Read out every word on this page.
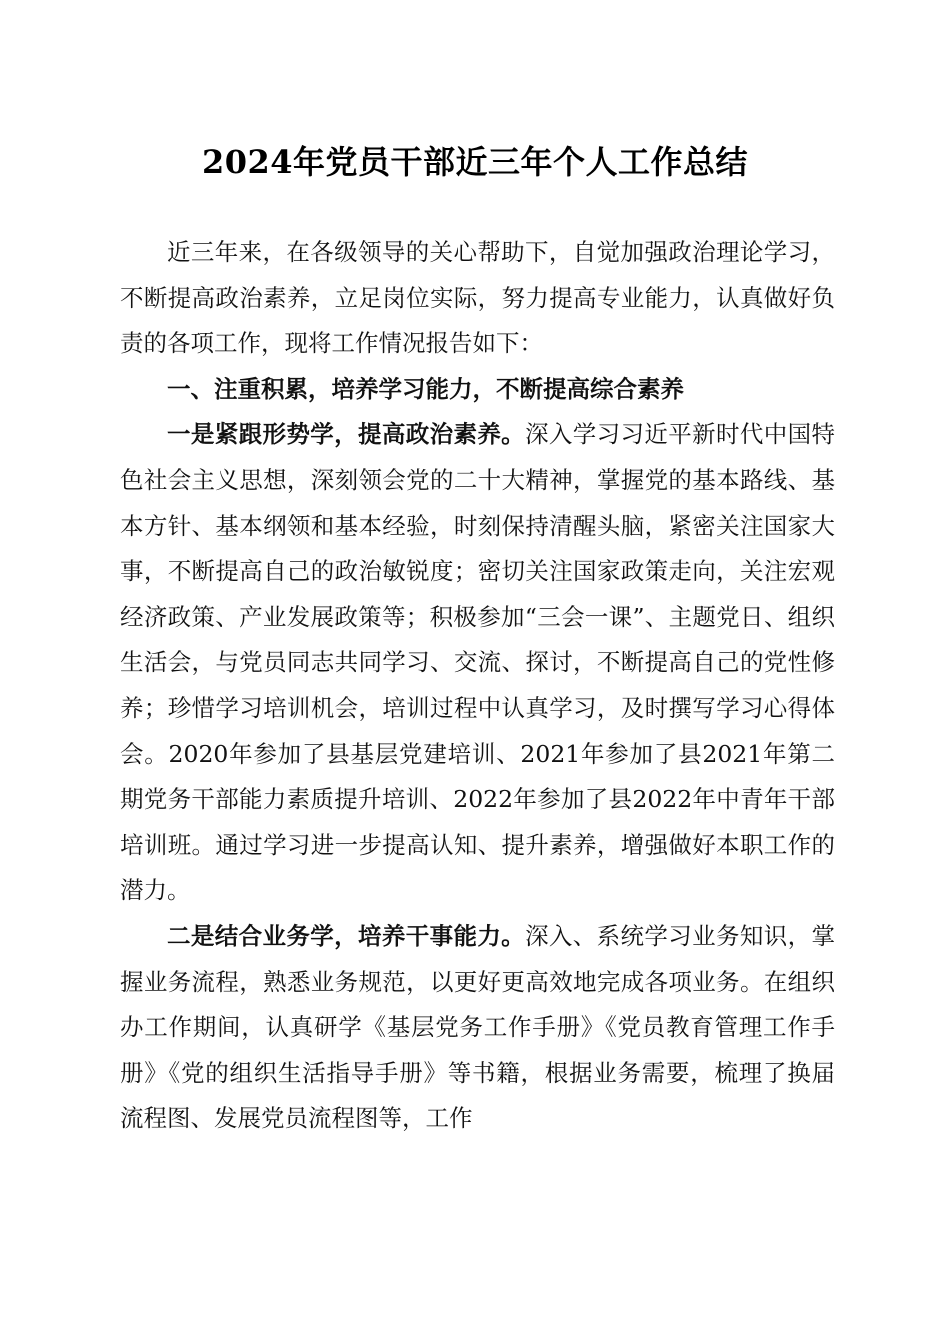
2024年党员干部近三年个人工作总结

近三年来，在各级领导的关心帮助下，自觉加强政治理论学习，不断提高政治素养，立足岗位实际，努力提高专业能力，认真做好负责的各项工作，现将工作情况报告如下：

一、注重积累，培养学习能力，不断提高综合素养

一是紧跟形势学，提高政治素养。深入学习习近平新时代中国特色社会主义思想，深刻领会党的二十大精神，掌握党的基本路线、基本方针、基本纲领和基本经验，时刻保持清醒头脑，紧密关注国家大事，不断提高自己的政治敏锐度；密切关注国家政策走向，关注宏观经济政策、产业发展政策等；积极参加“三会一课”、主题党日、组织生活会，与党员同志共同学习、交流、探讨，不断提高自己的党性修养；珍惜学习培训机会，培训过程中认真学习，及时撰写学习心得体会。2020年参加了县基层党建培训、2021年参加了县2021年第二期党务干部能力素质提升培训、2022年参加了县2022年中青年干部培训班。通过学习进一步提高认知、提升素养，增强做好本职工作的潜力。

二是结合业务学，培养干事能力。深入、系统学习业务知识，掌握业务流程，熟悉业务规范，以更好更高效地完成各项业务。在组织办工作期间，认真研学《基层党务工作手册》《党员教育管理工作手册》《党的组织生活指导手册》等书籍，根据业务需要，梳理了换届流程图、发展党员流程图等，工作
